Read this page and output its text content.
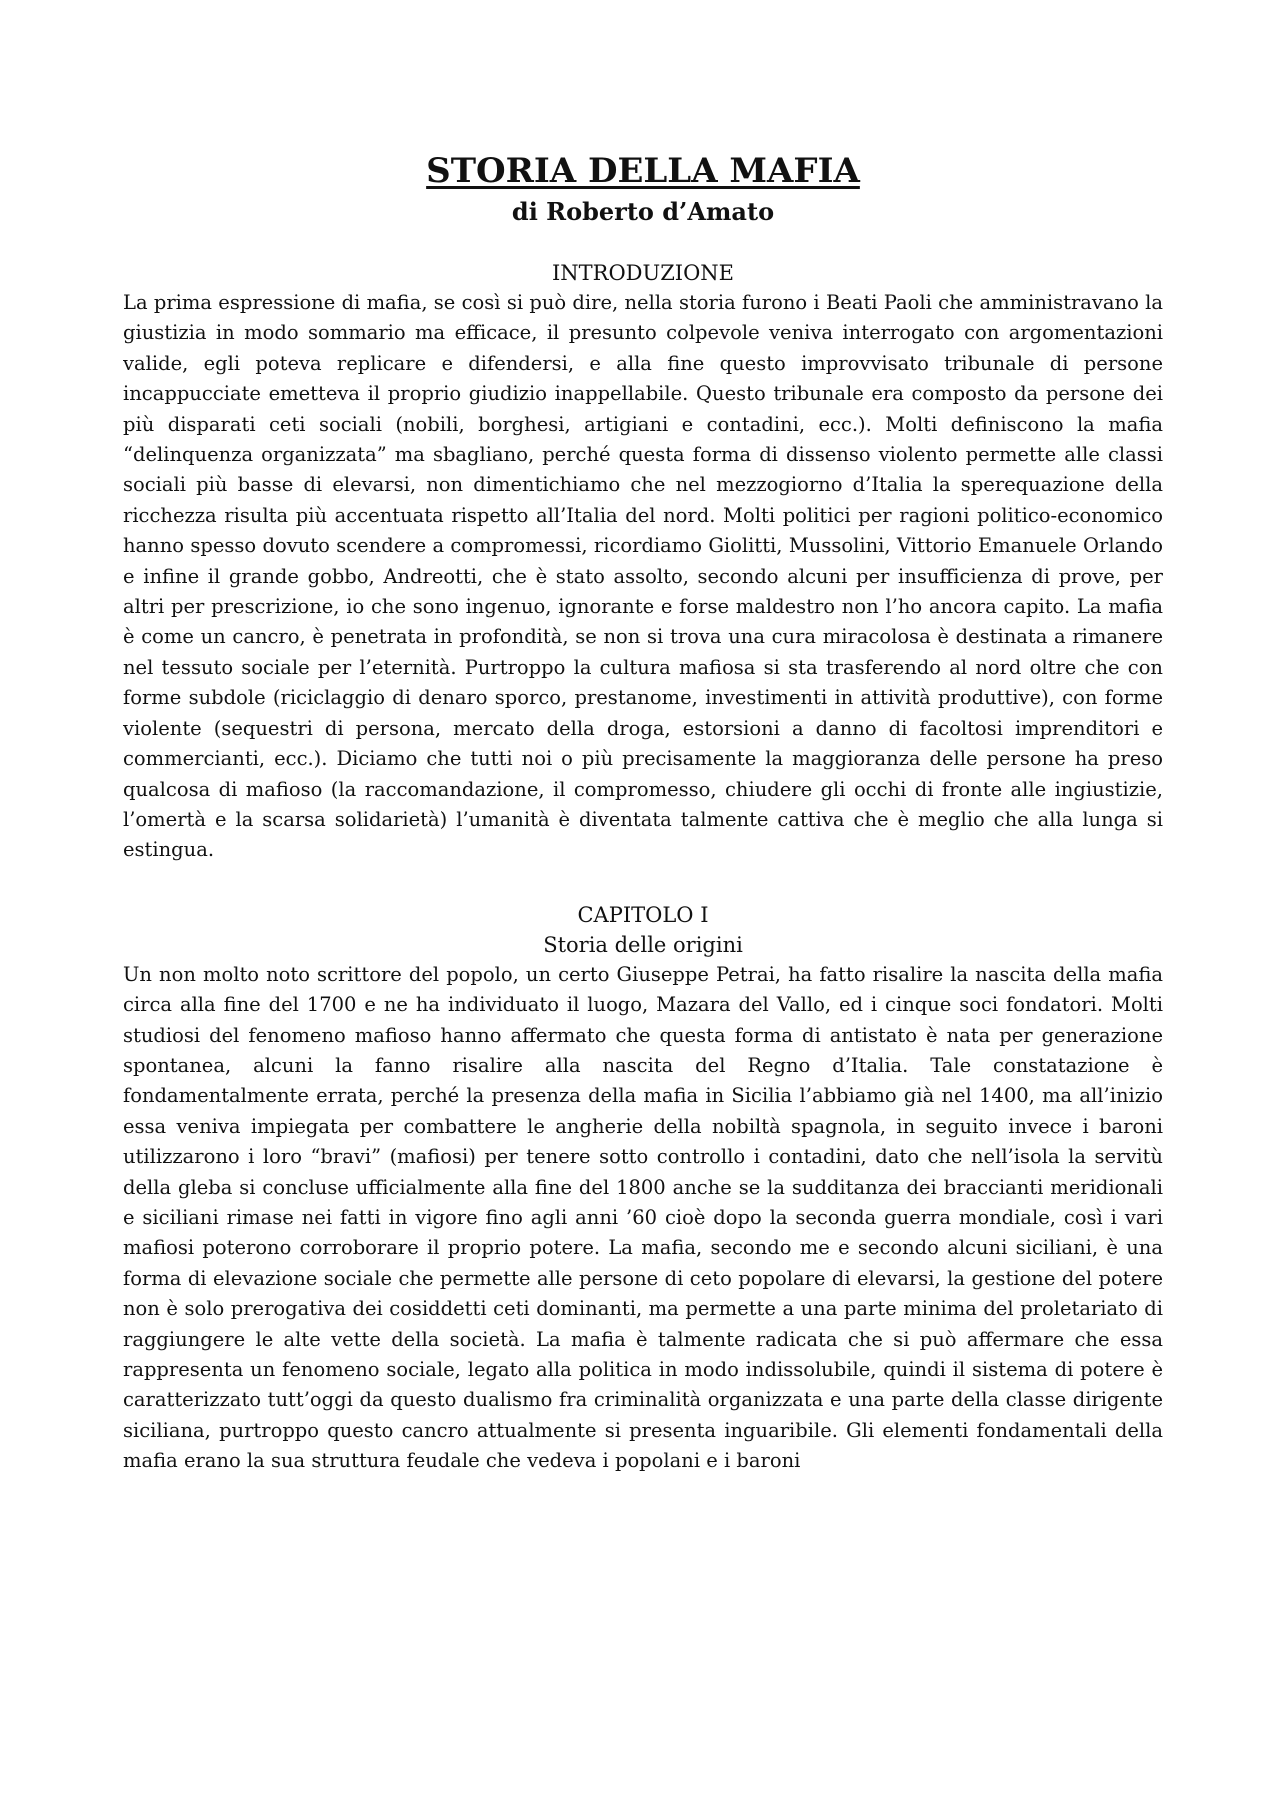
STORIA DELLA MAFIA
di Roberto d’Amato
INTRODUZIONE

La prima espressione di mafia, se così si può dire, nella storia furono i Beati Paoli che amministravano la giustizia in modo sommario ma efficace, il presunto colpevole veniva interrogato con argomentazioni valide, egli poteva replicare e difendersi, e alla fine questo improvvisato tribunale di persone incappucciate emetteva il proprio giudizio inappellabile. Questo tribunale era composto da persone dei più disparati ceti sociali (nobili, borghesi, artigiani e contadini, ecc.). Molti definiscono la mafia “delinquenza organizzata” ma sbagliano, perché questa forma di dissenso violento permette alle classi sociali più basse di elevarsi, non dimentichiamo che nel mezzogiorno d’Italia la sperequazione della ricchezza risulta più accentuata rispetto all’Italia del nord. Molti politici per ragioni politico-economico hanno spesso dovuto scendere a compromessi, ricordiamo Giolitti, Mussolini, Vittorio Emanuele Orlando e infine il grande gobbo, Andreotti, che è stato assolto, secondo alcuni per insufficienza di prove, per altri per prescrizione, io che sono ingenuo, ignorante e forse maldestro non l’ho ancora capito. La mafia è come un cancro, è penetrata in profondità, se non si trova una cura miracolosa è destinata a rimanere nel tessuto sociale per l’eternità. Purtroppo la cultura mafiosa si sta trasferendo al nord oltre che con forme subdole (riciclaggio di denaro sporco, prestanome, investimenti in attività produttive), con forme violente (sequestri di persona, mercato della droga, estorsioni a danno di facoltosi imprenditori e commercianti, ecc.). Diciamo che tutti noi o più precisamente la maggioranza delle persone ha preso qualcosa di mafioso (la raccomandazione, il compromesso, chiudere gli occhi di fronte alle ingiustizie, l’omertà e la scarsa solidarietà) l’umanità è diventata talmente cattiva che è meglio che alla lunga si estingua.

CAPITOLO I
Storia delle origini

Un non molto noto scrittore del popolo, un certo Giuseppe Petrai, ha fatto risalire la nascita della mafia circa alla fine del 1700 e ne ha individuato il luogo, Mazara del Vallo, ed i cinque soci fondatori. Molti studiosi del fenomeno mafioso hanno affermato che questa forma di antistato è nata per generazione spontanea, alcuni la fanno risalire alla nascita del Regno d’Italia. Tale constatazione è fondamentalmente errata, perché la presenza della mafia in Sicilia l’abbiamo già nel 1400, ma all’inizio essa veniva impiegata per combattere le angherie della nobiltà spagnola, in seguito invece i baroni utilizzarono i loro “bravi” (mafiosi) per tenere sotto controllo i contadini, dato che nell’isola la servitù della gleba si concluse ufficialmente alla fine del 1800 anche se la sudditanza dei braccianti meridionali e siciliani rimase nei fatti in vigore fino agli anni ’60 cioè dopo la seconda guerra mondiale, così i vari mafiosi poterono corroborare il proprio potere. La mafia, secondo me e secondo alcuni siciliani, è una forma di elevazione sociale che permette alle persone di ceto popolare di elevarsi, la gestione del potere non è solo prerogativa dei cosiddetti ceti dominanti, ma permette a una parte minima del proletariato di raggiungere le alte vette della società. La mafia è talmente radicata che si può affermare che essa rappresenta un fenomeno sociale, legato alla politica in modo indissolubile, quindi il sistema di potere è caratterizzato tutt’oggi da questo dualismo fra criminalità organizzata e una parte della classe dirigente siciliana, purtroppo questo cancro attualmente si presenta inguaribile. Gli elementi fondamentali della mafia erano la sua struttura feudale che vedeva i popolani e i baroni
